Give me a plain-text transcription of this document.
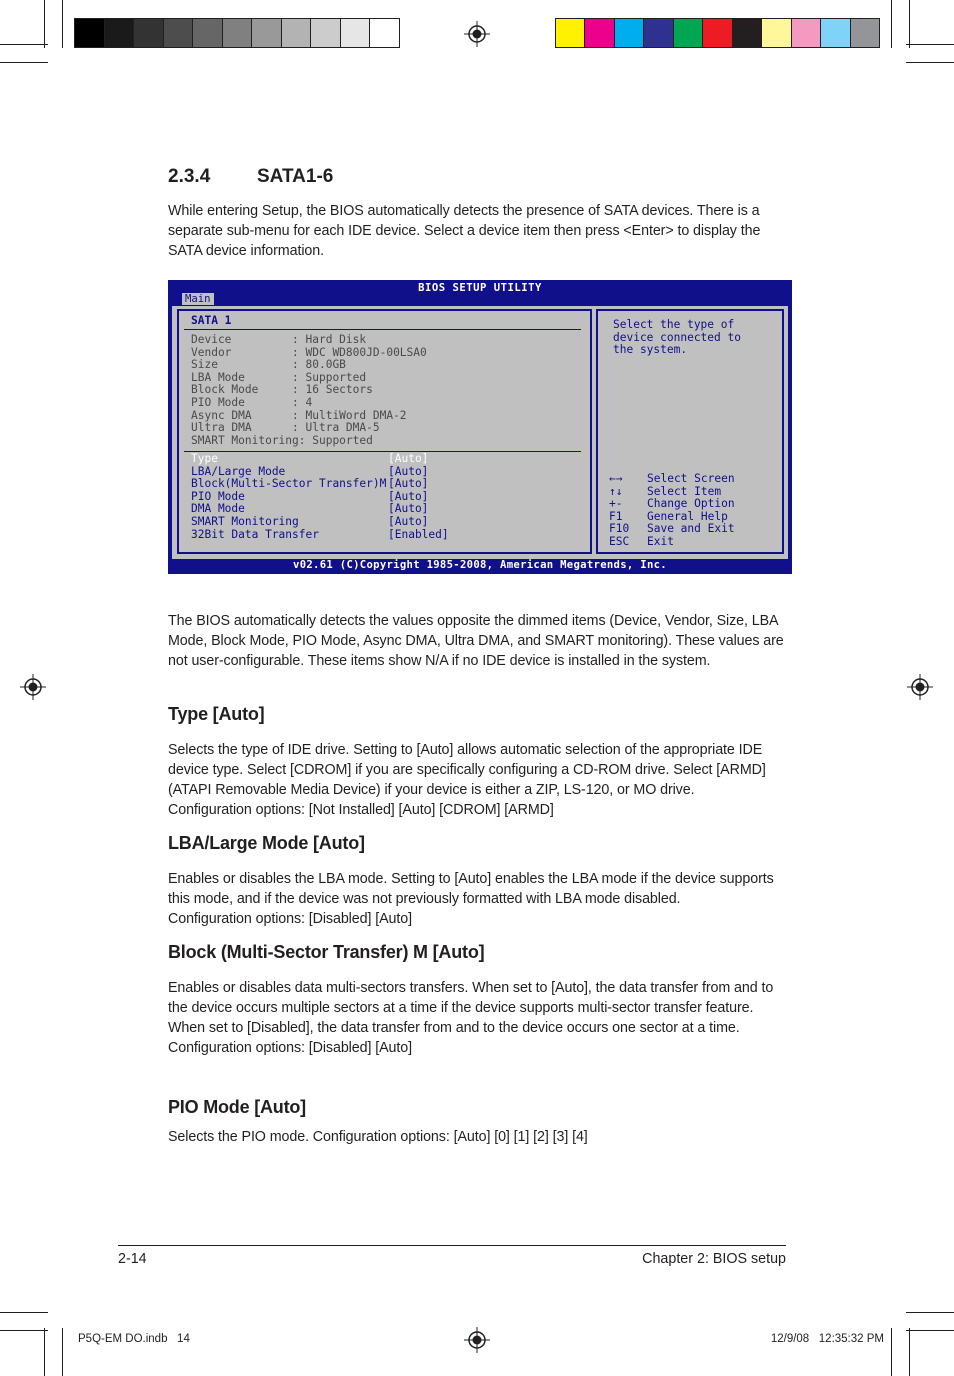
2.3.4 SATA1-6

While entering Setup, the BIOS automatically detects the presence of SATA devices. There is a separate sub-menu for each IDE device. Select a device item then press <Enter> to display the SATA device information.

BIOS SETUP UTILITY
Main
SATA 1
Device         : Hard Disk
Vendor         : WDC WD800JD-00LSA0
Size           : 80.0GB
LBA Mode       : Supported
Block Mode     : 16 Sectors
PIO Mode       : 4
Async DMA      : MultiWord DMA-2
Ultra DMA      : Ultra DMA-5
SMART Monitoring: Supported
Type	[Auto]
LBA/Large Mode	[Auto]
Block(Multi-Sector Transfer)M [Auto]
PIO Mode	[Auto]
DMA Mode	[Auto]
SMART Monitoring	[Auto]
32Bit Data Transfer	[Enabled]
Select the type of
device connected to
the system.
←→ Select Screen
↑↓ Select Item
+- Change Option
F1 General Help
F10 Save and Exit
ESC Exit
v02.61 (C)Copyright 1985-2008, American Megatrends, Inc.

The BIOS automatically detects the values opposite the dimmed items (Device, Vendor, Size, LBA Mode, Block Mode, PIO Mode, Async DMA, Ultra DMA, and SMART monitoring). These values are not user-configurable. These items show N/A if no IDE device is installed in the system.

Type [Auto]

Selects the type of IDE drive. Setting to [Auto] allows automatic selection of the appropriate IDE device type. Select [CDROM] if you are specifically configuring a CD-ROM drive. Select [ARMD] (ATAPI Removable Media Device) if your device is either a ZIP, LS-120, or MO drive.
Configuration options: [Not Installed] [Auto] [CDROM] [ARMD]

LBA/Large Mode [Auto]

Enables or disables the LBA mode. Setting to [Auto] enables the LBA mode if the device supports this mode, and if the device was not previously formatted with LBA mode disabled.
Configuration options: [Disabled] [Auto]

Block (Multi-Sector Transfer) M [Auto]

Enables or disables data multi-sectors transfers. When set to [Auto], the data transfer from and to the device occurs multiple sectors at a time if the device supports multi-sector transfer feature. When set to [Disabled], the data transfer from and to the device occurs one sector at a time.
Configuration options: [Disabled] [Auto]

PIO Mode [Auto]

Selects the PIO mode. Configuration options: [Auto] [0] [1] [2] [3] [4]

2-14	Chapter 2: BIOS setup
P5Q-EM DO.indb   14	12/9/08   12:35:32 PM
